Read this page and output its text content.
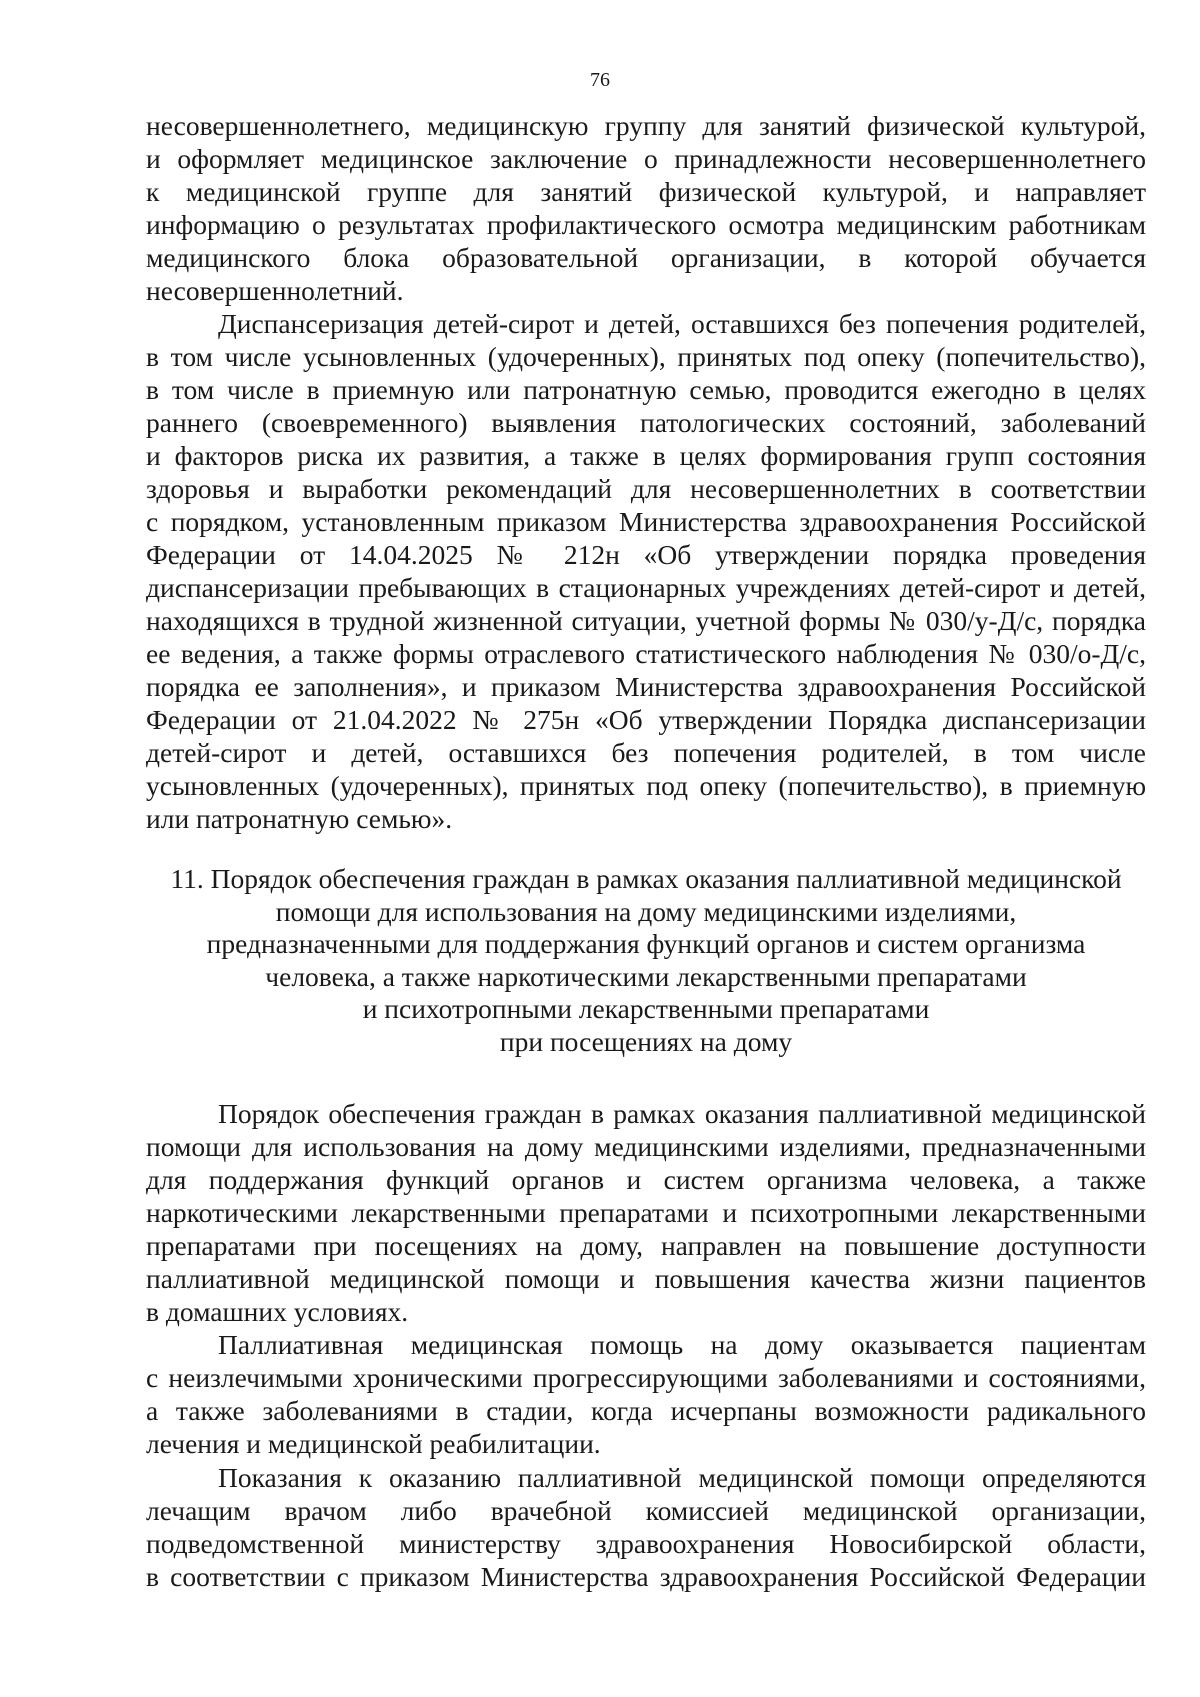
76
несовершеннолетнего, медицинскую группу для занятий физической культурой,
и оформляет медицинское заключение о принадлежности несовершеннолетнего
к медицинской группе для занятий физической культурой, и направляет
информацию о результатах профилактического осмотра медицинским работникам
медицинского блока образовательной организации, в которой обучается
несовершеннолетний.
Диспансеризация детей-сирот и детей, оставшихся без попечения родителей,
в том числе усыновленных (удочеренных), принятых под опеку (попечительство),
в том числе в приемную или патронатную семью, проводится ежегодно в целях
раннего (своевременного) выявления патологических состояний, заболеваний
и факторов риска их развития, а также в целях формирования групп состояния
здоровья и выработки рекомендаций для несовершеннолетних в соответствии
с порядком, установленным приказом Министерства здравоохранения Российской
Федерации от 14.04.2025 № 212н «Об утверждении порядка проведения
диспансеризации пребывающих в стационарных учреждениях детей-сирот и детей,
находящихся в трудной жизненной ситуации, учетной формы № 030/у-Д/с, порядка
ее ведения, а также формы отраслевого статистического наблюдения № 030/о-Д/с,
порядка ее заполнения», и приказом Министерства здравоохранения Российской
Федерации от 21.04.2022 № 275н «Об утверждении Порядка диспансеризации
детей-сирот и детей, оставшихся без попечения родителей, в том числе
усыновленных (удочеренных), принятых под опеку (попечительство), в приемную
или патронатную семью».
11. Порядок обеспечения граждан в рамках оказания паллиативной медицинской
помощи для использования на дому медицинскими изделиями,
предназначенными для поддержания функций органов и систем организма
человека, а также наркотическими лекарственными препаратами
и психотропными лекарственными препаратами
при посещениях на дому
Порядок обеспечения граждан в рамках оказания паллиативной медицинской
помощи для использования на дому медицинскими изделиями, предназначенными
для поддержания функций органов и систем организма человека, а также
наркотическими лекарственными препаратами и психотропными лекарственными
препаратами при посещениях на дому, направлен на повышение доступности
паллиативной медицинской помощи и повышения качества жизни пациентов
в домашних условиях.
Паллиативная медицинская помощь на дому оказывается пациентам
с неизлечимыми хроническими прогрессирующими заболеваниями и состояниями,
а также заболеваниями в стадии, когда исчерпаны возможности радикального
лечения и медицинской реабилитации.
Показания к оказанию паллиативной медицинской помощи определяются
лечащим врачом либо врачебной комиссией медицинской организации,
подведомственной министерству здравоохранения Новосибирской области,
в соответствии с приказом Министерства здравоохранения Российской Федерации
